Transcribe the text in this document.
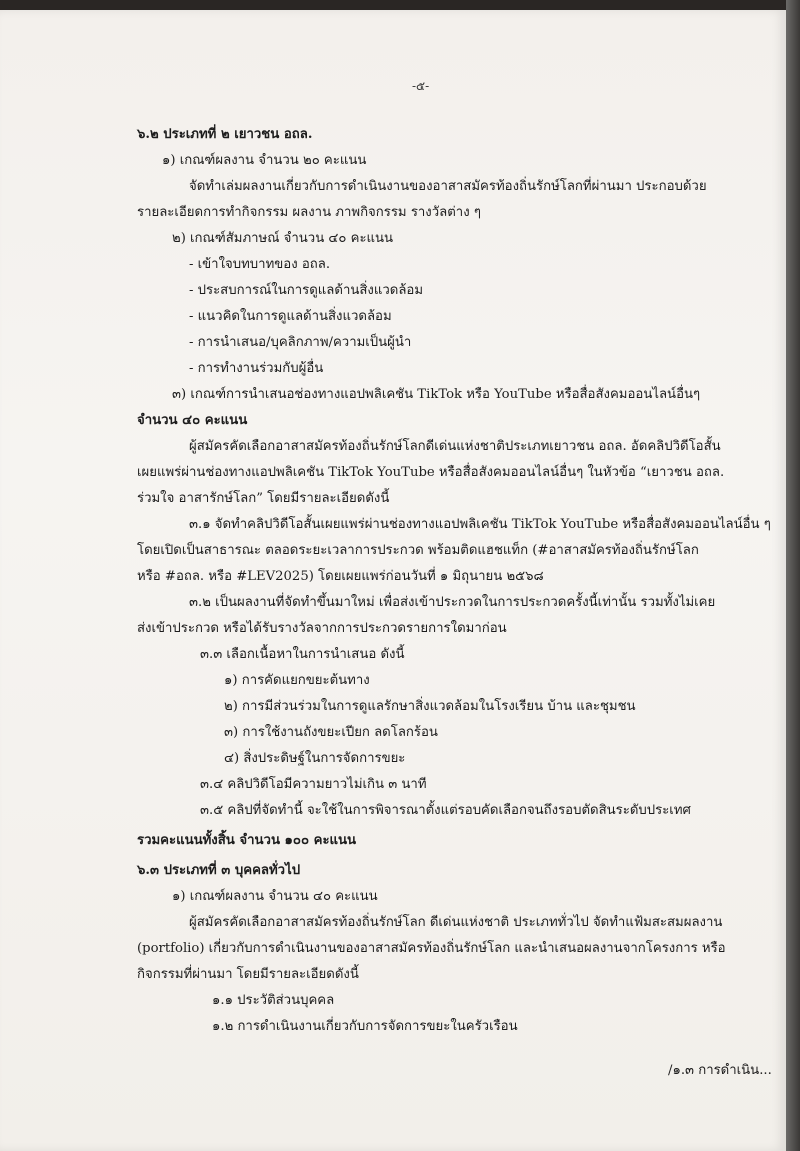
-๕-
๖.๒ ประเภทที่ ๒ เยาวชน อถล.
๑) เกณฑ์ผลงาน จำนวน ๒๐ คะแนน
จัดทำเล่มผลงานเกี่ยวกับการดำเนินงานของอาสาสมัครท้องถิ่นรักษ์โลกที่ผ่านมา ประกอบด้วย
รายละเอียดการทำกิจกรรม ผลงาน ภาพกิจกรรม รางวัลต่าง ๆ
๒) เกณฑ์สัมภาษณ์ จำนวน ๔๐ คะแนน
- เข้าใจบทบาทของ อถล.
- ประสบการณ์ในการดูแลด้านสิ่งแวดล้อม
- แนวคิดในการดูแลด้านสิ่งแวดล้อม
- การนำเสนอ/บุคลิกภาพ/ความเป็นผู้นำ
- การทำงานร่วมกับผู้อื่น
๓) เกณฑ์การนำเสนอช่องทางแอปพลิเคชัน TikTok หรือ YouTube หรือสื่อสังคมออนไลน์อื่นๆ
จำนวน ๔๐ คะแนน
ผู้สมัครคัดเลือกอาสาสมัครท้องถิ่นรักษ์โลกดีเด่นแห่งชาติประเภทเยาวชน อถล. อัดคลิปวิดีโอสั้น
เผยแพร่ผ่านช่องทางแอปพลิเคชัน TikTok YouTube หรือสื่อสังคมออนไลน์อื่นๆ ในหัวข้อ “เยาวชน อถล.
ร่วมใจ อาสารักษ์โลก” โดยมีรายละเอียดดังนี้
๓.๑ จัดทำคลิปวิดีโอสั้นเผยแพร่ผ่านช่องทางแอปพลิเคชัน TikTok YouTube หรือสื่อสังคมออนไลน์อื่น ๆ
โดยเปิดเป็นสาธารณะ ตลอดระยะเวลาการประกวด พร้อมติดแฮชแท็ก (#อาสาสมัครท้องถิ่นรักษ์โลก
หรือ #อถล. หรือ #LEV2025) โดยเผยแพร่ก่อนวันที่ ๑ มิถุนายน ๒๕๖๘
๓.๒ เป็นผลงานที่จัดทำขึ้นมาใหม่ เพื่อส่งเข้าประกวดในการประกวดครั้งนี้เท่านั้น รวมทั้งไม่เคย
ส่งเข้าประกวด หรือได้รับรางวัลจากการประกวดรายการใดมาก่อน
๓.๓ เลือกเนื้อหาในการนำเสนอ ดังนี้
๑) การคัดแยกขยะต้นทาง
๒) การมีส่วนร่วมในการดูแลรักษาสิ่งแวดล้อมในโรงเรียน บ้าน และชุมชน
๓) การใช้งานถังขยะเปียก ลดโลกร้อน
๔) สิ่งประดิษฐ์ในการจัดการขยะ
๓.๔ คลิปวิดีโอมีความยาวไม่เกิน ๓ นาที
๓.๕ คลิปที่จัดทำนี้ จะใช้ในการพิจารณาตั้งแต่รอบคัดเลือกจนถึงรอบตัดสินระดับประเทศ
รวมคะแนนทั้งสิ้น จำนวน ๑๐๐ คะแนน
๖.๓ ประเภทที่ ๓ บุคคลทั่วไป
๑) เกณฑ์ผลงาน จำนวน ๔๐ คะแนน
ผู้สมัครคัดเลือกอาสาสมัครท้องถิ่นรักษ์โลก ดีเด่นแห่งชาติ ประเภททั่วไป จัดทำแฟ้มสะสมผลงาน
(portfolio) เกี่ยวกับการดำเนินงานของอาสาสมัครท้องถิ่นรักษ์โลก และนำเสนอผลงานจากโครงการ หรือ
กิจกรรมที่ผ่านมา โดยมีรายละเอียดดังนี้
๑.๑ ประวัติส่วนบุคคล
๑.๒ การดำเนินงานเกี่ยวกับการจัดการขยะในครัวเรือน
/๑.๓ การดำเนิน...
